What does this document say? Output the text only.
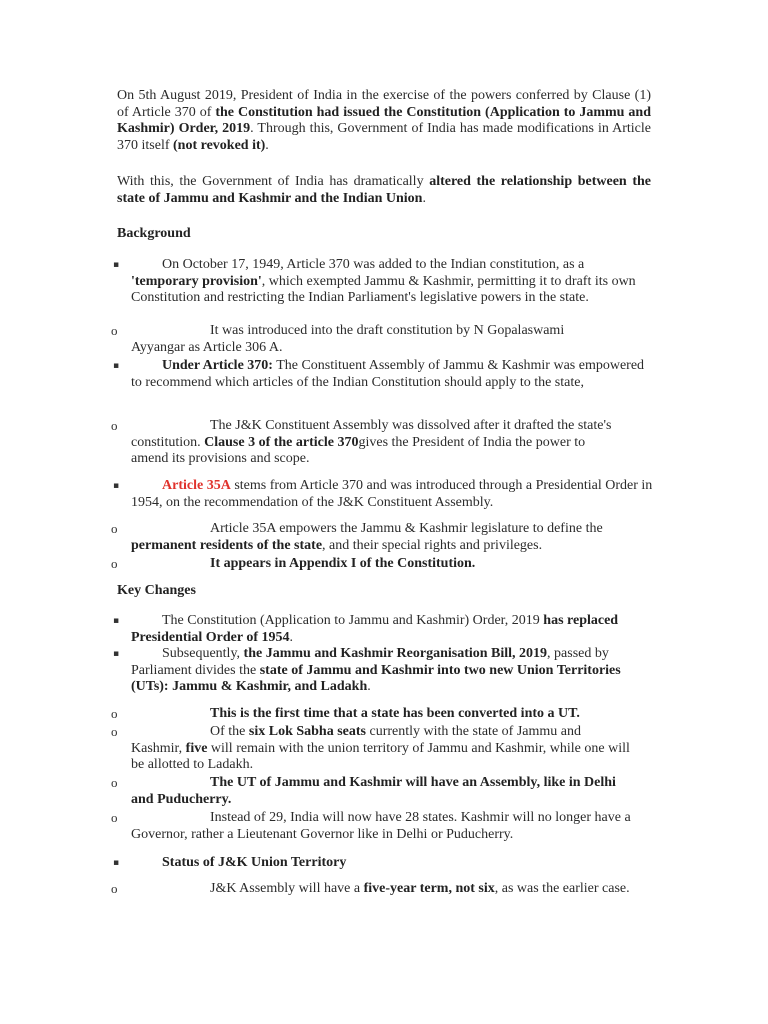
On 5th August 2019, President of India in the exercise of the powers conferred by Clause (1) of Article 370 of the Constitution had issued the Constitution (Application to Jammu and Kashmir) Order, 2019. Through this, Government of India has made modifications in Article 370 itself (not revoked it).

With this, the Government of India has dramatically altered the relationship between the state of Jammu and Kashmir and the Indian Union.

Background
▪	On October 17, 1949, Article 370 was added to the Indian constitution, as a 'temporary provision', which exempted Jammu & Kashmir, permitting it to draft its own Constitution and restricting the Indian Parliament's legislative powers in the state.

o	It was introduced into the draft constitution by N Gopalaswami Ayyangar as Article 306 A.

▪	Under Article 370: The Constituent Assembly of Jammu & Kashmir was empowered to recommend which articles of the Indian Constitution should apply to the state,

o	The J&K Constituent Assembly was dissolved after it drafted the state's constitution. Clause 3 of the article 370gives the President of India the power to amend its provisions and scope.

▪	Article 35A stems from Article 370 and was introduced through a Presidential Order in 1954, on the recommendation of the J&K Constituent Assembly.

o	Article 35A empowers the Jammu & Kashmir legislature to define the permanent residents of the state, and their special rights and privileges.

o	It appears in Appendix I of the Constitution.

Key Changes
▪	The Constitution (Application to Jammu and Kashmir) Order, 2019 has replaced Presidential Order of 1954.

▪	Subsequently, the Jammu and Kashmir Reorganisation Bill, 2019, passed by Parliament divides the state of Jammu and Kashmir into two new Union Territories (UTs): Jammu & Kashmir, and Ladakh.

o	This is the first time that a state has been converted into a UT.

o	Of the six Lok Sabha seats currently with the state of Jammu and Kashmir, five will remain with the union territory of Jammu and Kashmir, while one will be allotted to Ladakh.

o	The UT of Jammu and Kashmir will have an Assembly, like in Delhi and Puducherry.

o	Instead of 29, India will now have 28 states. Kashmir will no longer have a Governor, rather a Lieutenant Governor like in Delhi or Puducherry.

▪	Status of J&K Union Territory

o	J&K Assembly will have a five-year term, not six, as was the earlier case.
